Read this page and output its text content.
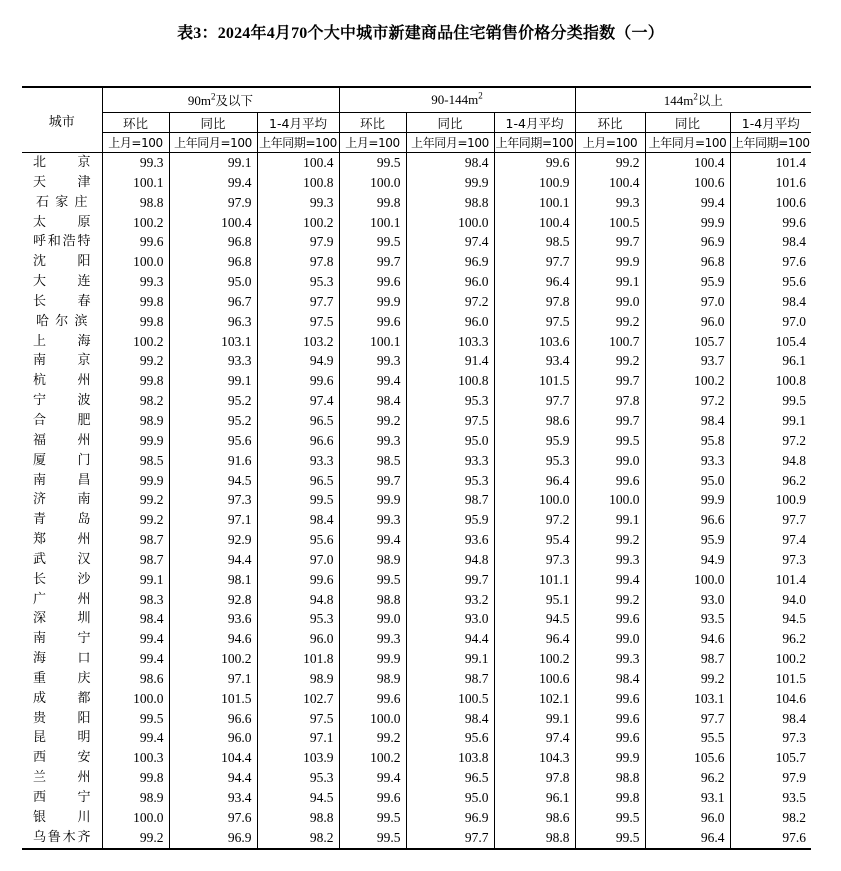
表3：2024年4月70个大中城市新建商品住宅销售价格分类指数（一）
城市	$90m^2$及以下			$90-144m^2$			$144m^2$以上		
	环比	同比	1-4月平均	环比	同比	1-4月平均	环比	同比	1-4月平均
	上月=100	上年同月=100	上年同期=100	上月=100	上年同月=100	上年同期=100	上月=100	上年同月=100	上年同期=100
北京	99.3	99.1	100.4	99.5	98.4	99.6	99.2	100.4	101.4
天津	100.1	99.4	100.8	100.0	99.9	100.9	100.4	100.6	101.6
石家庄	98.8	97.9	99.3	99.8	98.8	100.1	99.3	99.4	100.6
太原	100.2	100.4	100.2	100.1	100.0	100.4	100.5	99.9	99.6
呼和浩特	99.6	96.8	97.9	99.5	97.4	98.5	99.7	96.9	98.4
沈阳	100.0	96.8	97.8	99.7	96.9	97.7	99.9	96.8	97.6
大连	99.3	95.0	95.3	99.6	96.0	96.4	99.1	95.9	95.6
长春	99.8	96.7	97.7	99.9	97.2	97.8	99.0	97.0	98.4
哈尔滨	99.8	96.3	97.5	99.6	96.0	97.5	99.2	96.0	97.0
上海	100.2	103.1	103.2	100.1	103.3	103.6	100.7	105.7	105.4
南京	99.2	93.3	94.9	99.3	91.4	93.4	99.2	93.7	96.1
杭州	99.8	99.1	99.6	99.4	100.8	101.5	99.7	100.2	100.8
宁波	98.2	95.2	97.4	98.4	95.3	97.7	97.8	97.2	99.5
合肥	98.9	95.2	96.5	99.2	97.5	98.6	99.7	98.4	99.1
福州	99.9	95.6	96.6	99.3	95.0	95.9	99.5	95.8	97.2
厦门	98.5	91.6	93.3	98.5	93.3	95.3	99.0	93.3	94.8
南昌	99.9	94.5	96.5	99.7	95.3	96.4	99.6	95.0	96.2
济南	99.2	97.3	99.5	99.9	98.7	100.0	100.0	99.9	100.9
青岛	99.2	97.1	98.4	99.3	95.9	97.2	99.1	96.6	97.7
郑州	98.7	92.9	95.6	99.4	93.6	95.4	99.2	95.9	97.4
武汉	98.7	94.4	97.0	98.9	94.8	97.3	99.3	94.9	97.3
长沙	99.1	98.1	99.6	99.5	99.7	101.1	99.4	100.0	101.4
广州	98.3	92.8	94.8	98.8	93.2	95.1	99.2	93.0	94.0
深圳	98.4	93.6	95.3	99.0	93.0	94.5	99.6	93.5	94.5
南宁	99.4	94.6	96.0	99.3	94.4	96.4	99.0	94.6	96.2
海口	99.4	100.2	101.8	99.9	99.1	100.2	99.3	98.7	100.2
重庆	98.6	97.1	98.9	98.9	98.7	100.6	98.4	99.2	101.5
成都	100.0	101.5	102.7	99.6	100.5	102.1	99.6	103.1	104.6
贵阳	99.5	96.6	97.5	100.0	98.4	99.1	99.6	97.7	98.4
昆明	99.4	96.0	97.1	99.2	95.6	97.4	99.6	95.5	97.3
西安	100.3	104.4	103.9	100.2	103.8	104.3	99.9	105.6	105.7
兰州	99.8	94.4	95.3	99.4	96.5	97.8	98.8	96.2	97.9
西宁	98.9	93.4	94.5	99.6	95.0	96.1	99.8	93.1	93.5
银川	100.0	97.6	98.8	99.5	96.9	98.6	99.5	96.0	98.2
乌鲁木齐	99.2	96.9	98.2	99.5	97.7	98.8	99.5	96.4	97.6
